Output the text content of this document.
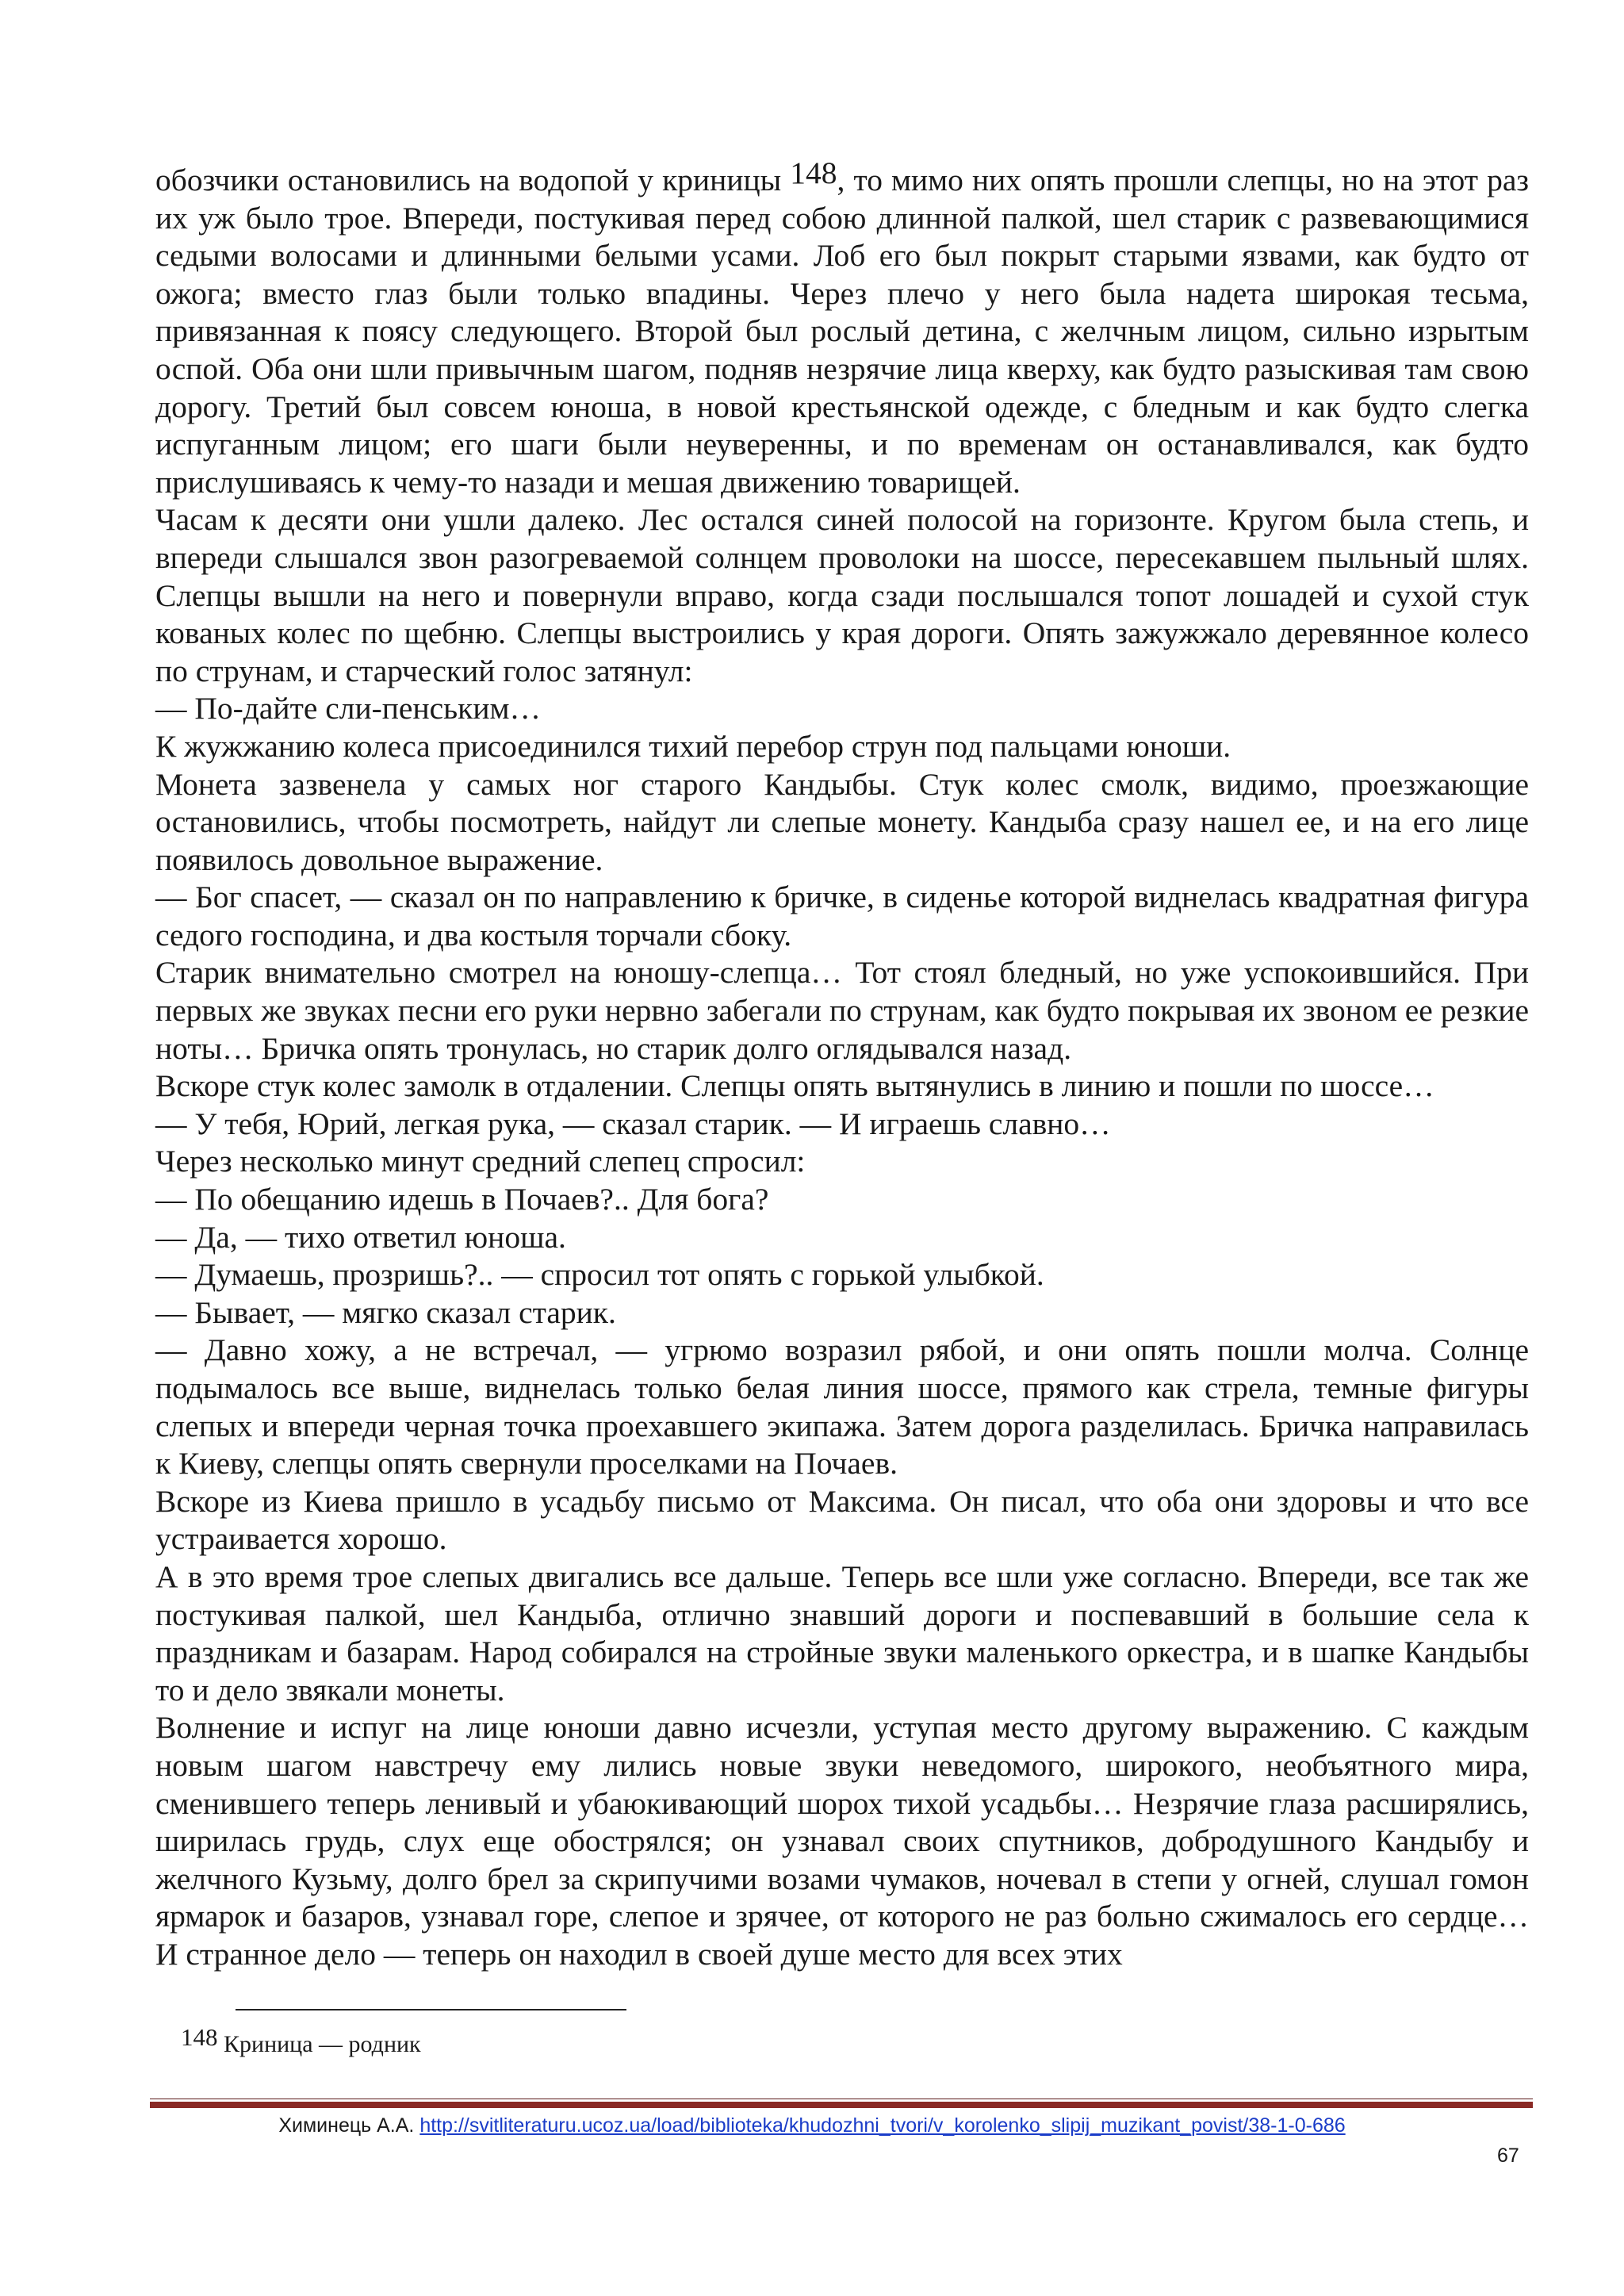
обозчики остановились на водопой у криницы 148, то мимо них опять прошли слепцы, но на этот раз их уж было трое. Впереди, постукивая перед собою длинной палкой, шел старик с развевающимися седыми волосами и длинными белыми усами. Лоб его был покрыт старыми язвами, как будто от ожога; вместо глаз были только впадины. Через плечо у него была надета широкая тесьма, привязанная к поясу следующего. Второй был рослый детина, с желчным лицом, сильно изрытым оспой. Оба они шли привычным шагом, подняв незрячие лица кверху, как будто разыскивая там свою дорогу. Третий был совсем юноша, в новой крестьянской одежде, с бледным и как будто слегка испуганным лицом; его шаги были неуверенны, и по временам он останавливался, как будто прислушиваясь к чему-то назади и мешая движению товарищей.

Часам к десяти они ушли далеко. Лес остался синей полосой на горизонте. Кругом была степь, и впереди слышался звон разогреваемой солнцем проволоки на шоссе, пересекавшем пыльный шлях. Слепцы вышли на него и повернули вправо, когда сзади послышался топот лошадей и сухой стук кованых колес по щебню. Слепцы выстроились у края дороги. Опять зажужжало деревянное колесо по струнам, и старческий голос затянул:

— По-дайте сли-пенським…

К жужжанию колеса присоединился тихий перебор струн под пальцами юноши.

Монета зазвенела у самых ног старого Кандыбы. Стук колес смолк, видимо, проезжающие остановились, чтобы посмотреть, найдут ли слепые монету. Кандыба сразу нашел ее, и на его лице появилось довольное выражение.

— Бог спасет, — сказал он по направлению к бричке, в сиденье которой виднелась квадратная фигура седого господина, и два костыля торчали сбоку.

Старик внимательно смотрел на юношу-слепца… Тот стоял бледный, но уже успокоившийся. При первых же звуках песни его руки нервно забегали по струнам, как будто покрывая их звоном ее резкие ноты… Бричка опять тронулась, но старик долго оглядывался назад.

Вскоре стук колес замолк в отдалении. Слепцы опять вытянулись в линию и пошли по шоссе…

— У тебя, Юрий, легкая рука, — сказал старик. — И играешь славно…

Через несколько минут средний слепец спросил:

— По обещанию идешь в Почаев?.. Для бога?

— Да, — тихо ответил юноша.

— Думаешь, прозришь?.. — спросил тот опять с горькой улыбкой.

— Бывает, — мягко сказал старик.

— Давно хожу, а не встречал, — угрюмо возразил рябой, и они опять пошли молча. Солнце подымалось все выше, виднелась только белая линия шоссе, прямого как стрела, темные фигуры слепых и впереди черная точка проехавшего экипажа. Затем дорога разделилась. Бричка направилась к Киеву, слепцы опять свернули проселками на Почаев.

Вскоре из Киева пришло в усадьбу письмо от Максима. Он писал, что оба они здоровы и что все устраивается хорошо.

А в это время трое слепых двигались все дальше. Теперь все шли уже согласно. Впереди, все так же постукивая палкой, шел Кандыба, отлично знавший дороги и поспевавший в большие села к праздникам и базарам. Народ собирался на стройные звуки маленького оркестра, и в шапке Кандыбы то и дело звякали монеты.

Волнение и испуг на лице юноши давно исчезли, уступая место другому выражению. С каждым новым шагом навстречу ему лились новые звуки неведомого, широкого, необъятного мира, сменившего теперь ленивый и убаюкивающий шорох тихой усадьбы… Незрячие глаза расширялись, ширилась грудь, слух еще обострялся; он узнавал своих спутников, добродушного Кандыбу и желчного Кузьму, долго брел за скрипучими возами чумаков, ночевал в степи у огней, слушал гомон ярмарок и базаров, узнавал горе, слепое и зрячее, от которого не раз больно сжималось его сердце… И странное дело — теперь он находил в своей душе место для всех этих

148 Криница — родник
Химинець А.А. http://svitliteraturu.ucoz.ua/load/biblioteka/khudozhni_tvori/v_korolenko_slipij_muzikant_povist/38-1-0-686
67
